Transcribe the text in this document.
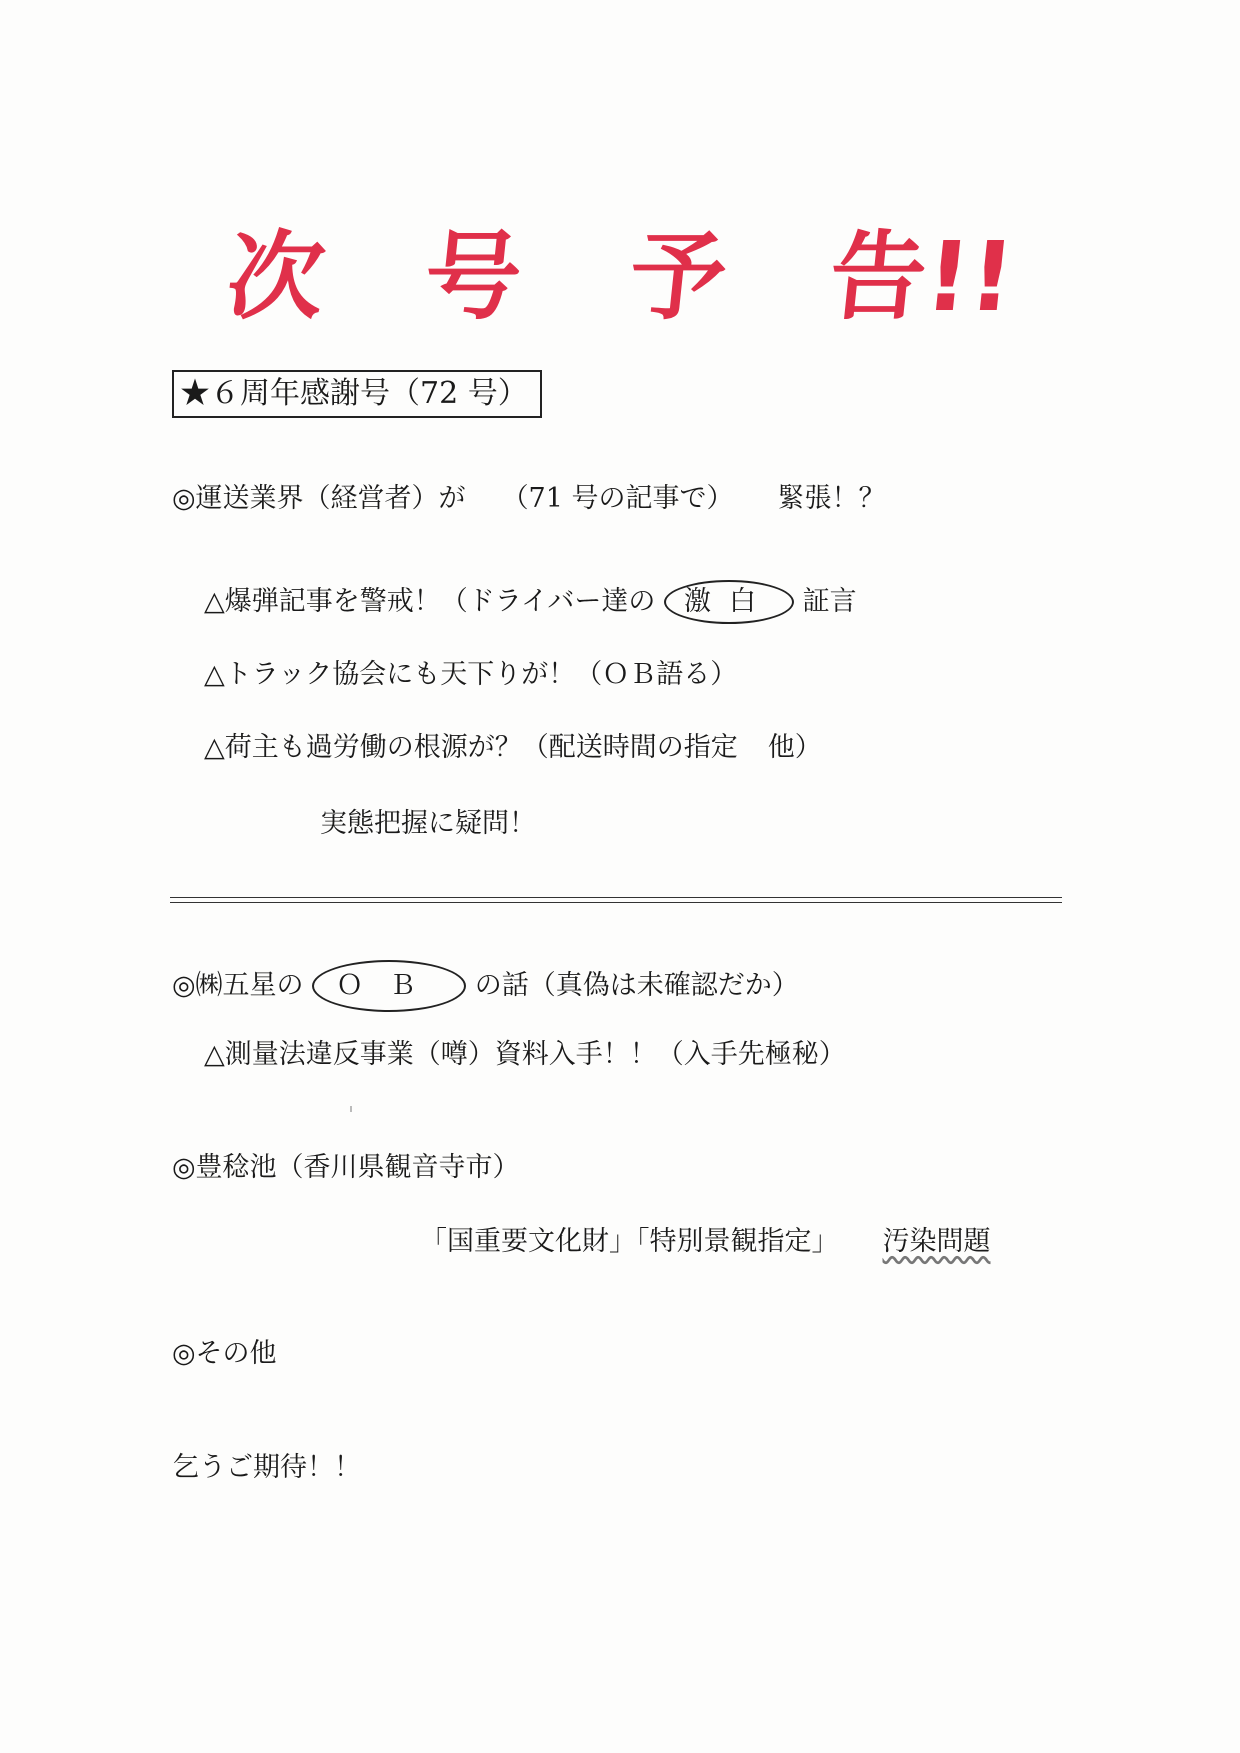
次 号 予 告!!
★６周年感謝号（72 号）
◎運送業界（経営者）が （71 号の記事で） 緊張！？
△爆弾記事を警戒！（ドライバー達の 激白 証言
△トラック協会にも天下りが！（ＯＢ語る）
△荷主も過労働の根源が？（配送時間の指定 他）
実態把握に疑問！
◎㈱五星の ＯＢ の話（真偽は未確認だか）
△測量法違反事業（噂）資料入手！！（入手先極秘）
◎豊稔池（香川県観音寺市）
「国重要文化財」「特別景観指定」 汚染問題
◎その他
乞うご期待！！
